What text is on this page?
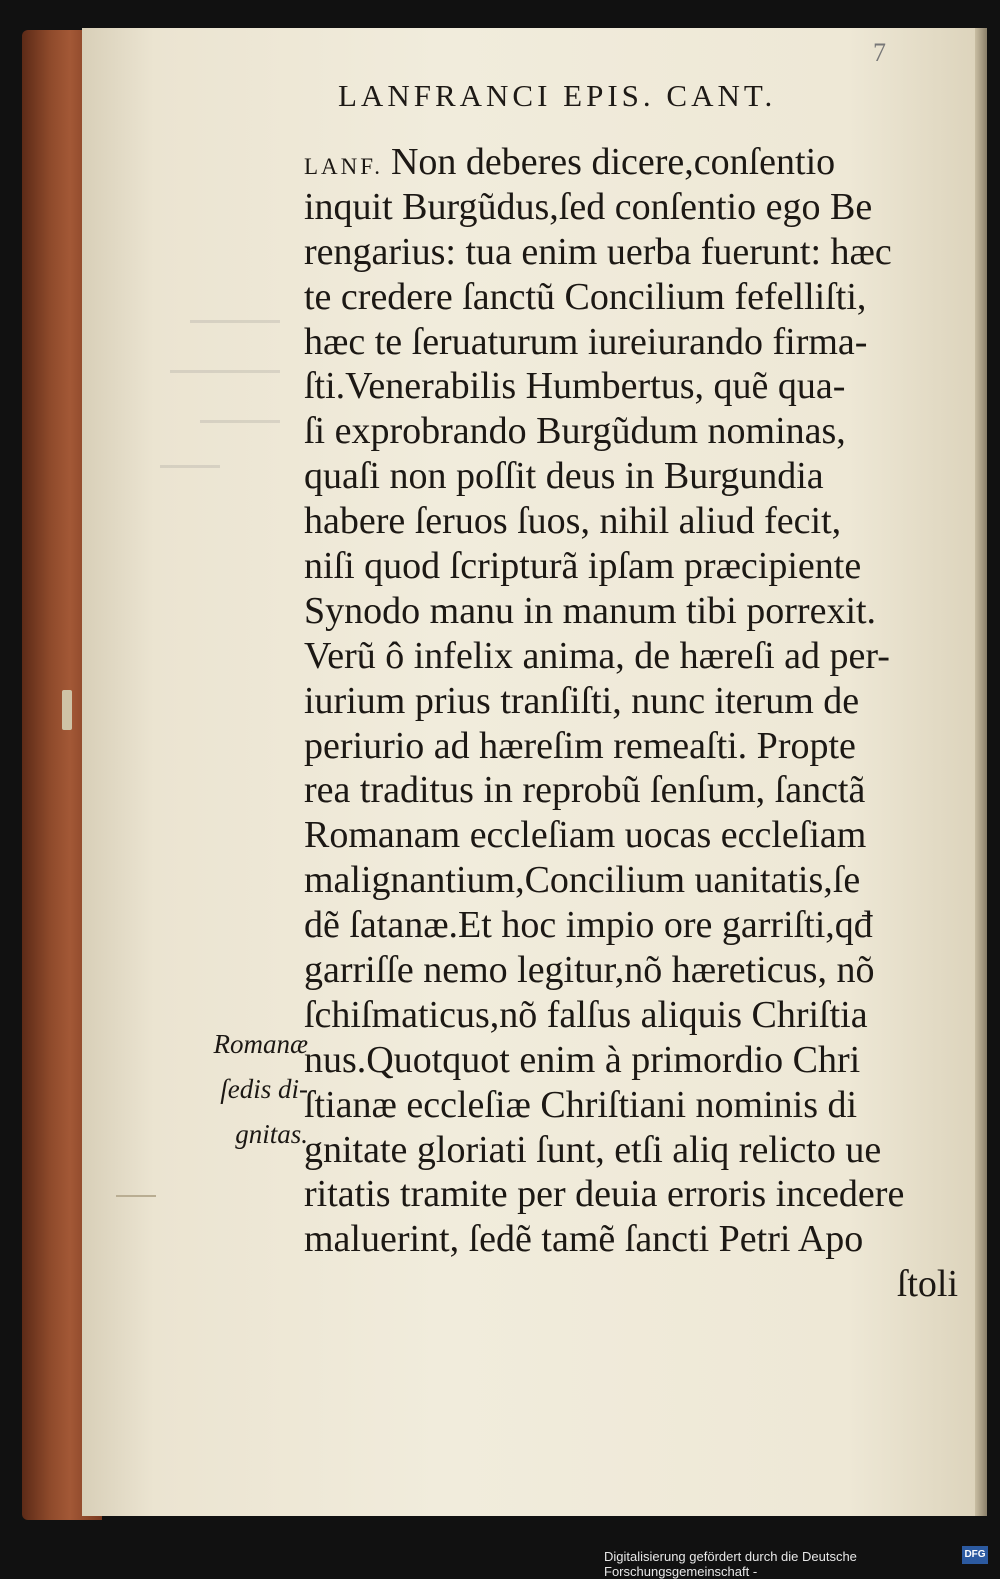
7
LANFRANCI EPIS. CANT.
LANF. Non deberes dicere,conſentio
inquit Burgũdus,ſed conſentio ego Be
rengarius: tua enim uerba fuerunt: hæc
te credere ſanctũ Concilium fefelliſti,
hæc te ſeruaturum iureiurando firma-
ſti.Venerabilis Humbertus, quẽ qua-
ſi exprobrando Burgũdum nominas,
quaſi non poſſit deus in Burgundia
habere ſeruos ſuos, nihil aliud fecit,
niſi quod ſcripturã ipſam præcipiente
Synodo manu in manum tibi porrexit.
Verũ ô infelix anima, de hæreſi ad per-
iurium prius tranſiſti, nunc iterum de
periurio ad hæreſim remeaſti. Propte
rea traditus in reprobũ ſenſum, ſanctã
Romanam eccleſiam uocas eccleſiam
malignantium,Concilium uanitatis,ſe
dẽ ſatanæ.Et hoc impio ore garriſti,qđ
garriſſe nemo legitur,nõ hæreticus, nõ
ſchiſmaticus,nõ falſus aliquis Chriſtia
nus.Quotquot enim à primordio Chri
ſtianæ eccleſiæ Chriſtiani nominis di
gnitate gloriati ſunt, etſi aliq relicto ue
ritatis tramite per deuia erroris incedere
maluerint, ſedẽ tamẽ ſancti Petri Apo
ſtoli
Romanæ
ſedis di-
gnitas.
Digitalisierung gefördert durch die Deutsche Forschungsgemeinschaft -
DFG
